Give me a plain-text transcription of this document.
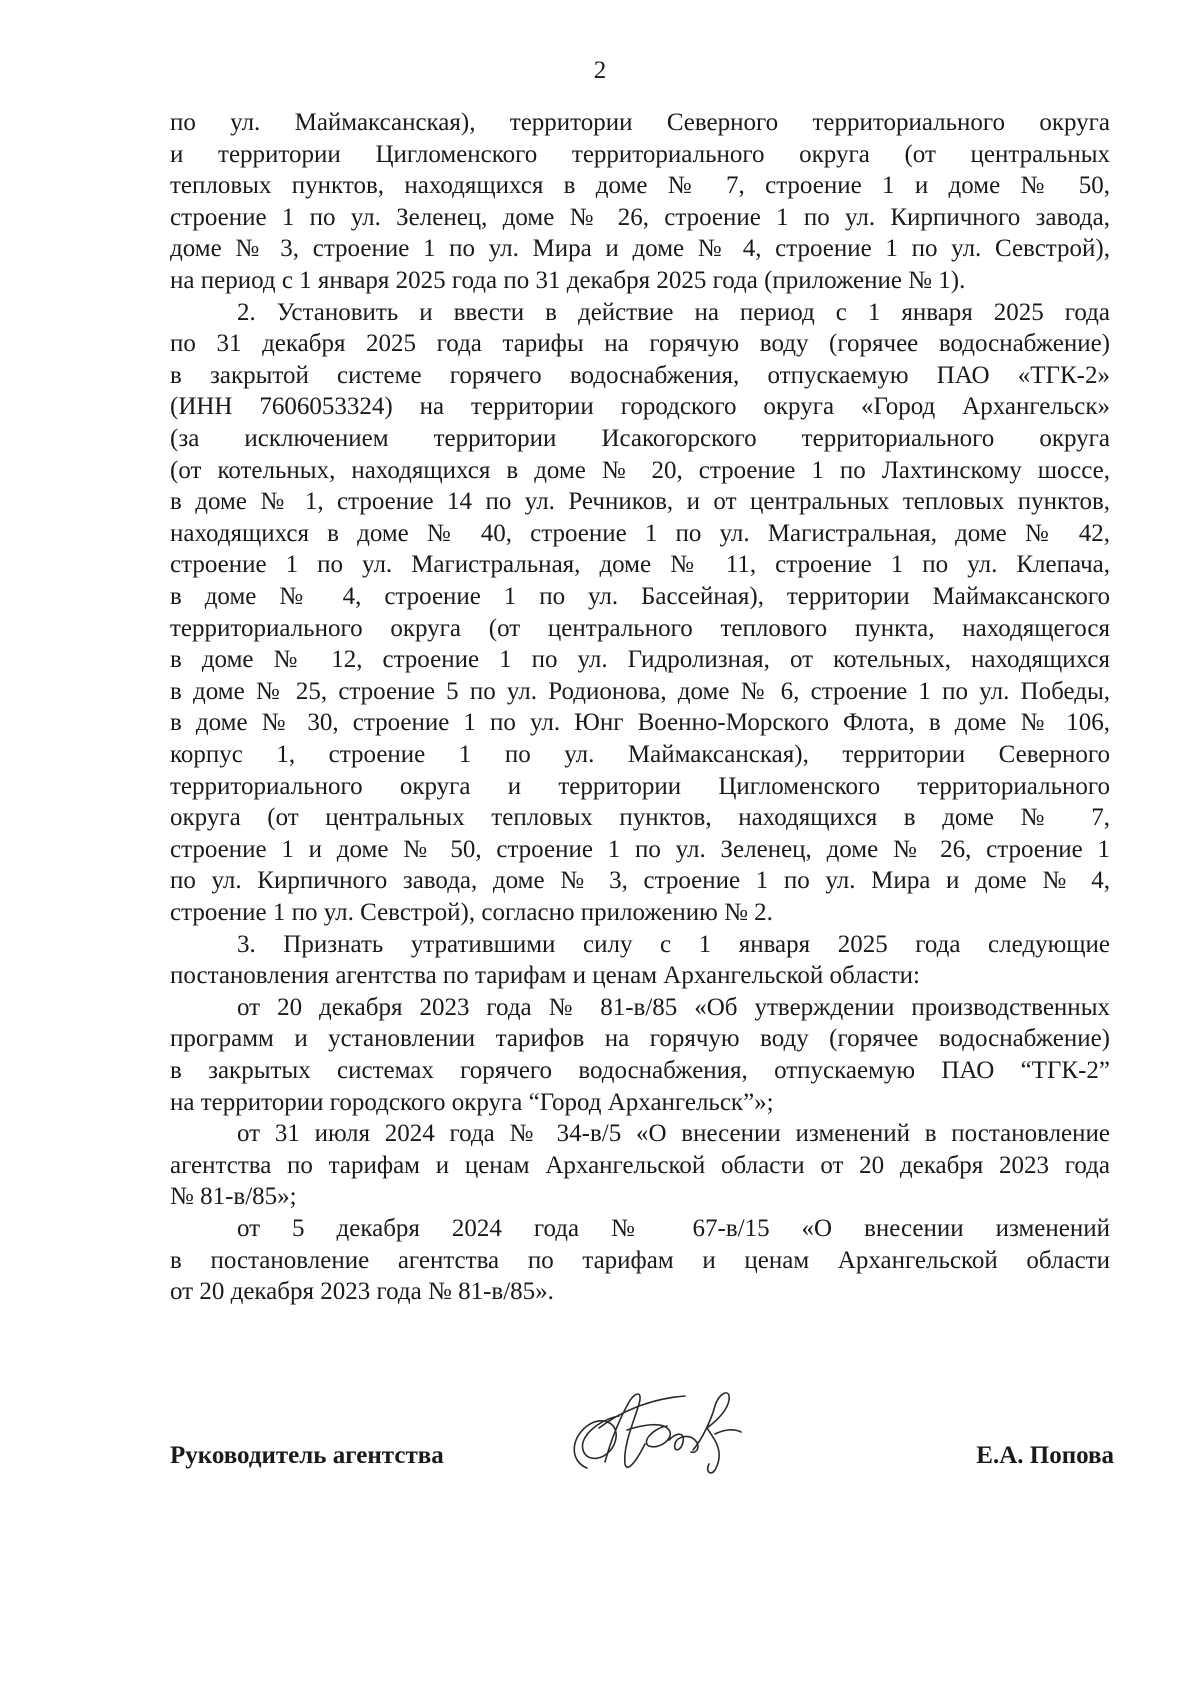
2
по ул. Маймаксанская), территории Северного территориального округа
и территории Цигломенского территориального округа (от центральных
тепловых пунктов, находящихся в доме № 7, строение 1 и доме № 50,
строение 1 по ул. Зеленец, доме № 26, строение 1 по ул. Кирпичного завода,
доме № 3, строение 1 по ул. Мира и доме № 4, строение 1 по ул. Севстрой),
на период с 1 января 2025 года по 31 декабря 2025 года (приложение № 1).
2. Установить и ввести в действие на период с 1 января 2025 года
по 31 декабря 2025 года тарифы на горячую воду (горячее водоснабжение)
в закрытой системе горячего водоснабжения, отпускаемую ПАО «ТГК-2»
(ИНН 7606053324) на территории городского округа «Город Архангельск»
(за исключением территории Исакогорского территориального округа
(от котельных, находящихся в доме № 20, строение 1 по Лахтинскому шоссе,
в доме № 1, строение 14 по ул. Речников, и от центральных тепловых пунктов,
находящихся в доме № 40, строение 1 по ул. Магистральная, доме № 42,
строение 1 по ул. Магистральная, доме № 11, строение 1 по ул. Клепача,
в доме № 4, строение 1 по ул. Бассейная), территории Маймаксанского
территориального округа (от центрального теплового пункта, находящегося
в доме № 12, строение 1 по ул. Гидролизная, от котельных, находящихся
в доме № 25, строение 5 по ул. Родионова, доме № 6, строение 1 по ул. Победы,
в доме № 30, строение 1 по ул. Юнг Военно-Морского Флота, в доме № 106,
корпус 1, строение 1 по ул. Маймаксанская), территории Северного
территориального округа и территории Цигломенского территориального
округа (от центральных тепловых пунктов, находящихся в доме № 7,
строение 1 и доме № 50, строение 1 по ул. Зеленец, доме № 26, строение 1
по ул. Кирпичного завода, доме № 3, строение 1 по ул. Мира и доме № 4,
строение 1 по ул. Севстрой), согласно приложению № 2.
3. Признать утратившими силу с 1 января 2025 года следующие
постановления агентства по тарифам и ценам Архангельской области:
от 20 декабря 2023 года № 81-в/85 «Об утверждении производственных
программ и установлении тарифов на горячую воду (горячее водоснабжение)
в закрытых системах горячего водоснабжения, отпускаемую ПАО “ТГК-2”
на территории городского округа “Город Архангельск”»;
от 31 июля 2024 года № 34-в/5 «О внесении изменений в постановление
агентства по тарифам и ценам Архангельской области от 20 декабря 2023 года
№ 81-в/85»;
от 5 декабря 2024 года № 67-в/15 «О внесении изменений
в постановление агентства по тарифам и ценам Архангельской области
от 20 декабря 2023 года № 81-в/85».
Руководитель агентства	Е.А. Попова
